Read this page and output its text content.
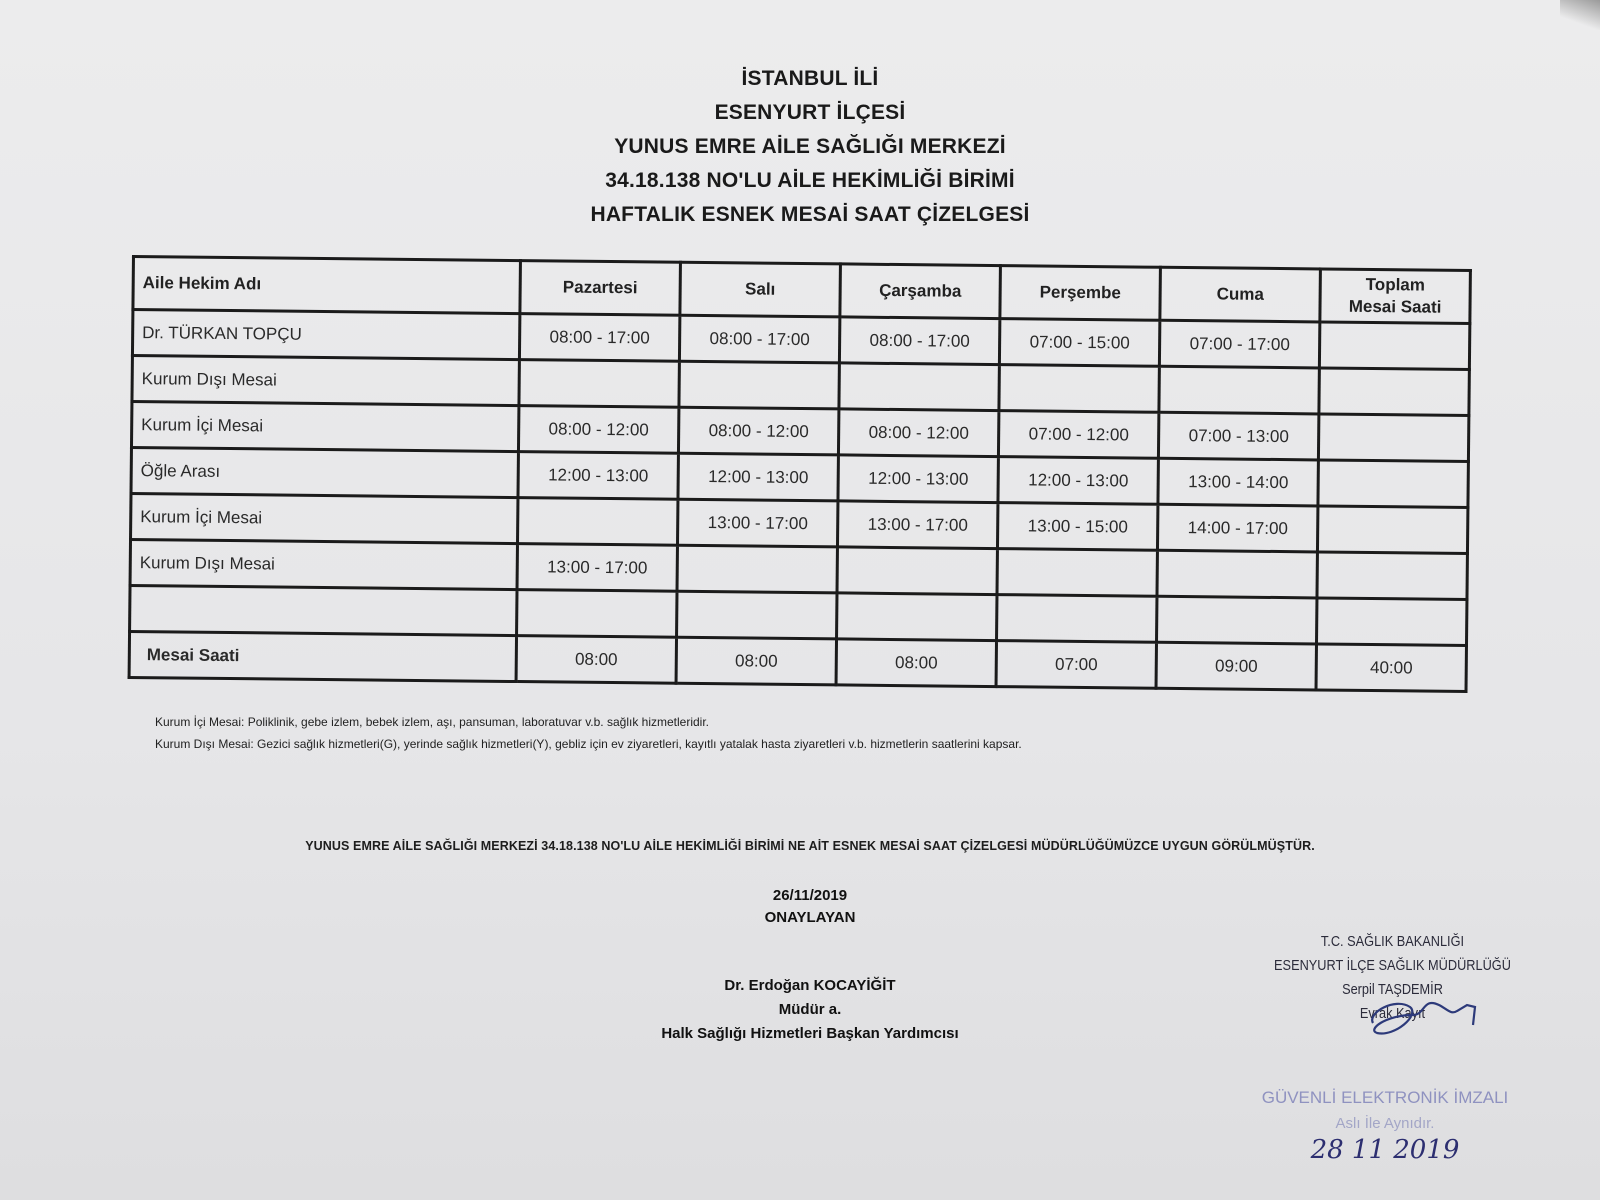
İSTANBUL İLİ
ESENYURT İLÇESİ
YUNUS EMRE AİLE SAĞLIĞI MERKEZİ
34.18.138 NO'LU AİLE HEKİMLİĞİ BİRİMİ
HAFTALIK ESNEK MESAİ SAAT ÇİZELGESİ
Aile Hekim Adı	Pazartesi	Salı	Çarşamba	Perşembe	Cuma	Toplam
Mesai Saati
Dr. TÜRKAN TOPÇU	08:00 - 17:00	08:00 - 17:00	08:00 - 17:00	07:00 - 15:00	07:00 - 17:00	
Kurum Dışı Mesai						
Kurum İçi Mesai	08:00 - 12:00	08:00 - 12:00	08:00 - 12:00	07:00 - 12:00	07:00 - 13:00	
Öğle Arası	12:00 - 13:00	12:00 - 13:00	12:00 - 13:00	12:00 - 13:00	13:00 - 14:00	
Kurum İçi Mesai		13:00 - 17:00	13:00 - 17:00	13:00 - 15:00	14:00 - 17:00	
Kurum Dışı Mesai	13:00 - 17:00					

Mesai Saati	08:00	08:00	08:00	07:00	09:00	40:00
Kurum İçi Mesai: Poliklinik, gebe izlem, bebek izlem, aşı, pansuman, laboratuvar v.b. sağlık hizmetleridir.
Kurum Dışı Mesai: Gezici sağlık hizmetleri(G), yerinde sağlık hizmetleri(Y), gebliz için ev ziyaretleri, kayıtlı yatalak hasta ziyaretleri v.b. hizmetlerin saatlerini kapsar.
YUNUS EMRE AİLE SAĞLIĞI MERKEZİ 34.18.138 NO'LU AİLE HEKİMLİĞİ BİRİMİ NE AİT ESNEK MESAİ SAAT ÇİZELGESİ MÜDÜRLÜĞÜMÜZCE UYGUN GÖRÜLMÜŞTÜR.
26/11/2019
ONAYLAYAN
Dr. Erdoğan KOCAYİĞİT
Müdür a.
Halk Sağlığı Hizmetleri Başkan Yardımcısı
T.C. SAĞLIK BAKANLIĞI
ESENYURT İLÇE SAĞLIK MÜDÜRLÜĞÜ
Serpil TAŞDEMİR
Evrak Kayıt
GÜVENLİ ELEKTRONİK İMZALI
Aslı İle Aynıdır.
28 11 2019
